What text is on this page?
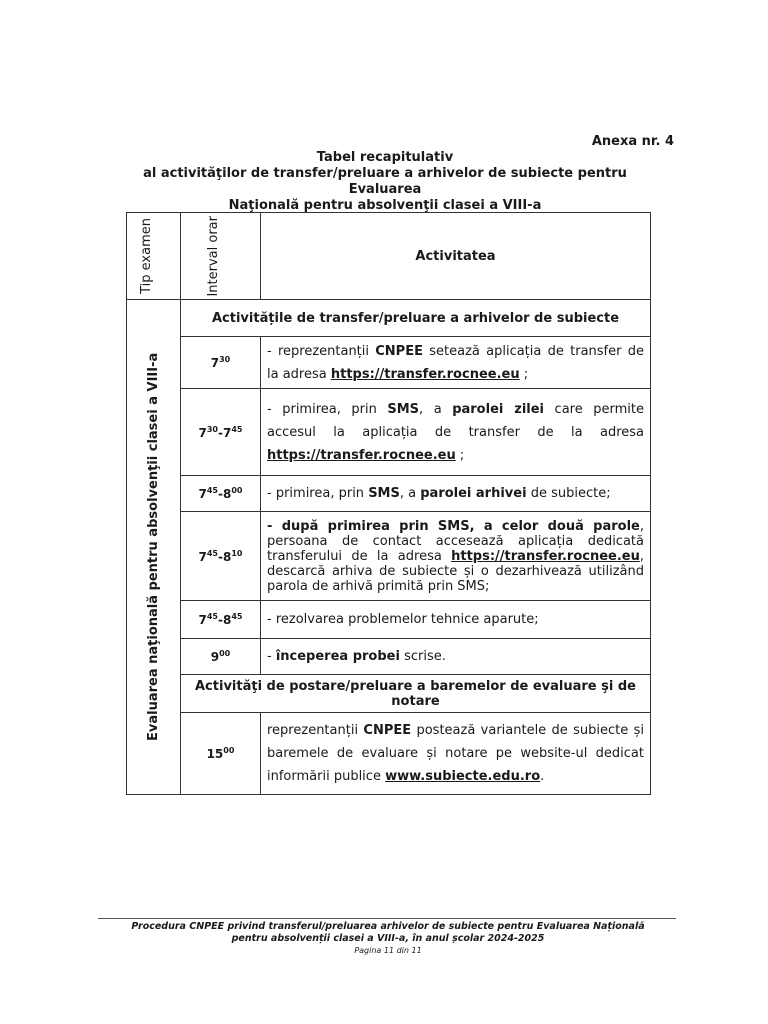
Anexa nr. 4
Tabel recapitulativ
al activităţilor de transfer/preluare a arhivelor de subiecte pentru Evaluarea
Naţională pentru absolvenţii clasei a VIII-a
Tip examen	Interval orar	Activitatea

Evaluarea naţională pentru absolvenţii clasei a VIII-a	Activitățile de transfer/preluare a arhivelor de subiecte	
	$7^{30}$	- reprezentanții CNPEE setează aplicația de transfer de la adresa https://transfer.rocnee.eu ;
	$7^{30}-7^{45}$	- primirea, prin SMS, a parolei zilei care permite accesul la aplicația de transfer de la adresa https://transfer.rocnee.eu ;
	$7^{45}-8^{00}$	- primirea, prin SMS, a parolei arhivei de subiecte;
	$7^{45}-8^{10}$	- după primirea prin SMS, a celor două parole, persoana de contact accesează aplicația dedicată transferului de la adresa https://transfer.rocnee.eu, descarcă arhiva de subiecte și o dezarhivează utilizând parola de arhivă primită prin SMS;
	$7^{45}-8^{45}$	- rezolvarea problemelor tehnice aparute;
	$9^{00}$	- începerea probei scrise.
	Activităţi de postare/preluare a baremelor de evaluare şi de notare	
	$15^{00}$	reprezentanții CNPEE postează variantele de subiecte și baremele de evaluare și notare pe website-ul dedicat informării publice www.subiecte.edu.ro.
Procedura CNPEE privind transferul/preluarea arhivelor de subiecte pentru Evaluarea Națională
pentru absolvenții clasei a VIII-a, în anul școlar 2024-2025
Pagina 11 din 11
